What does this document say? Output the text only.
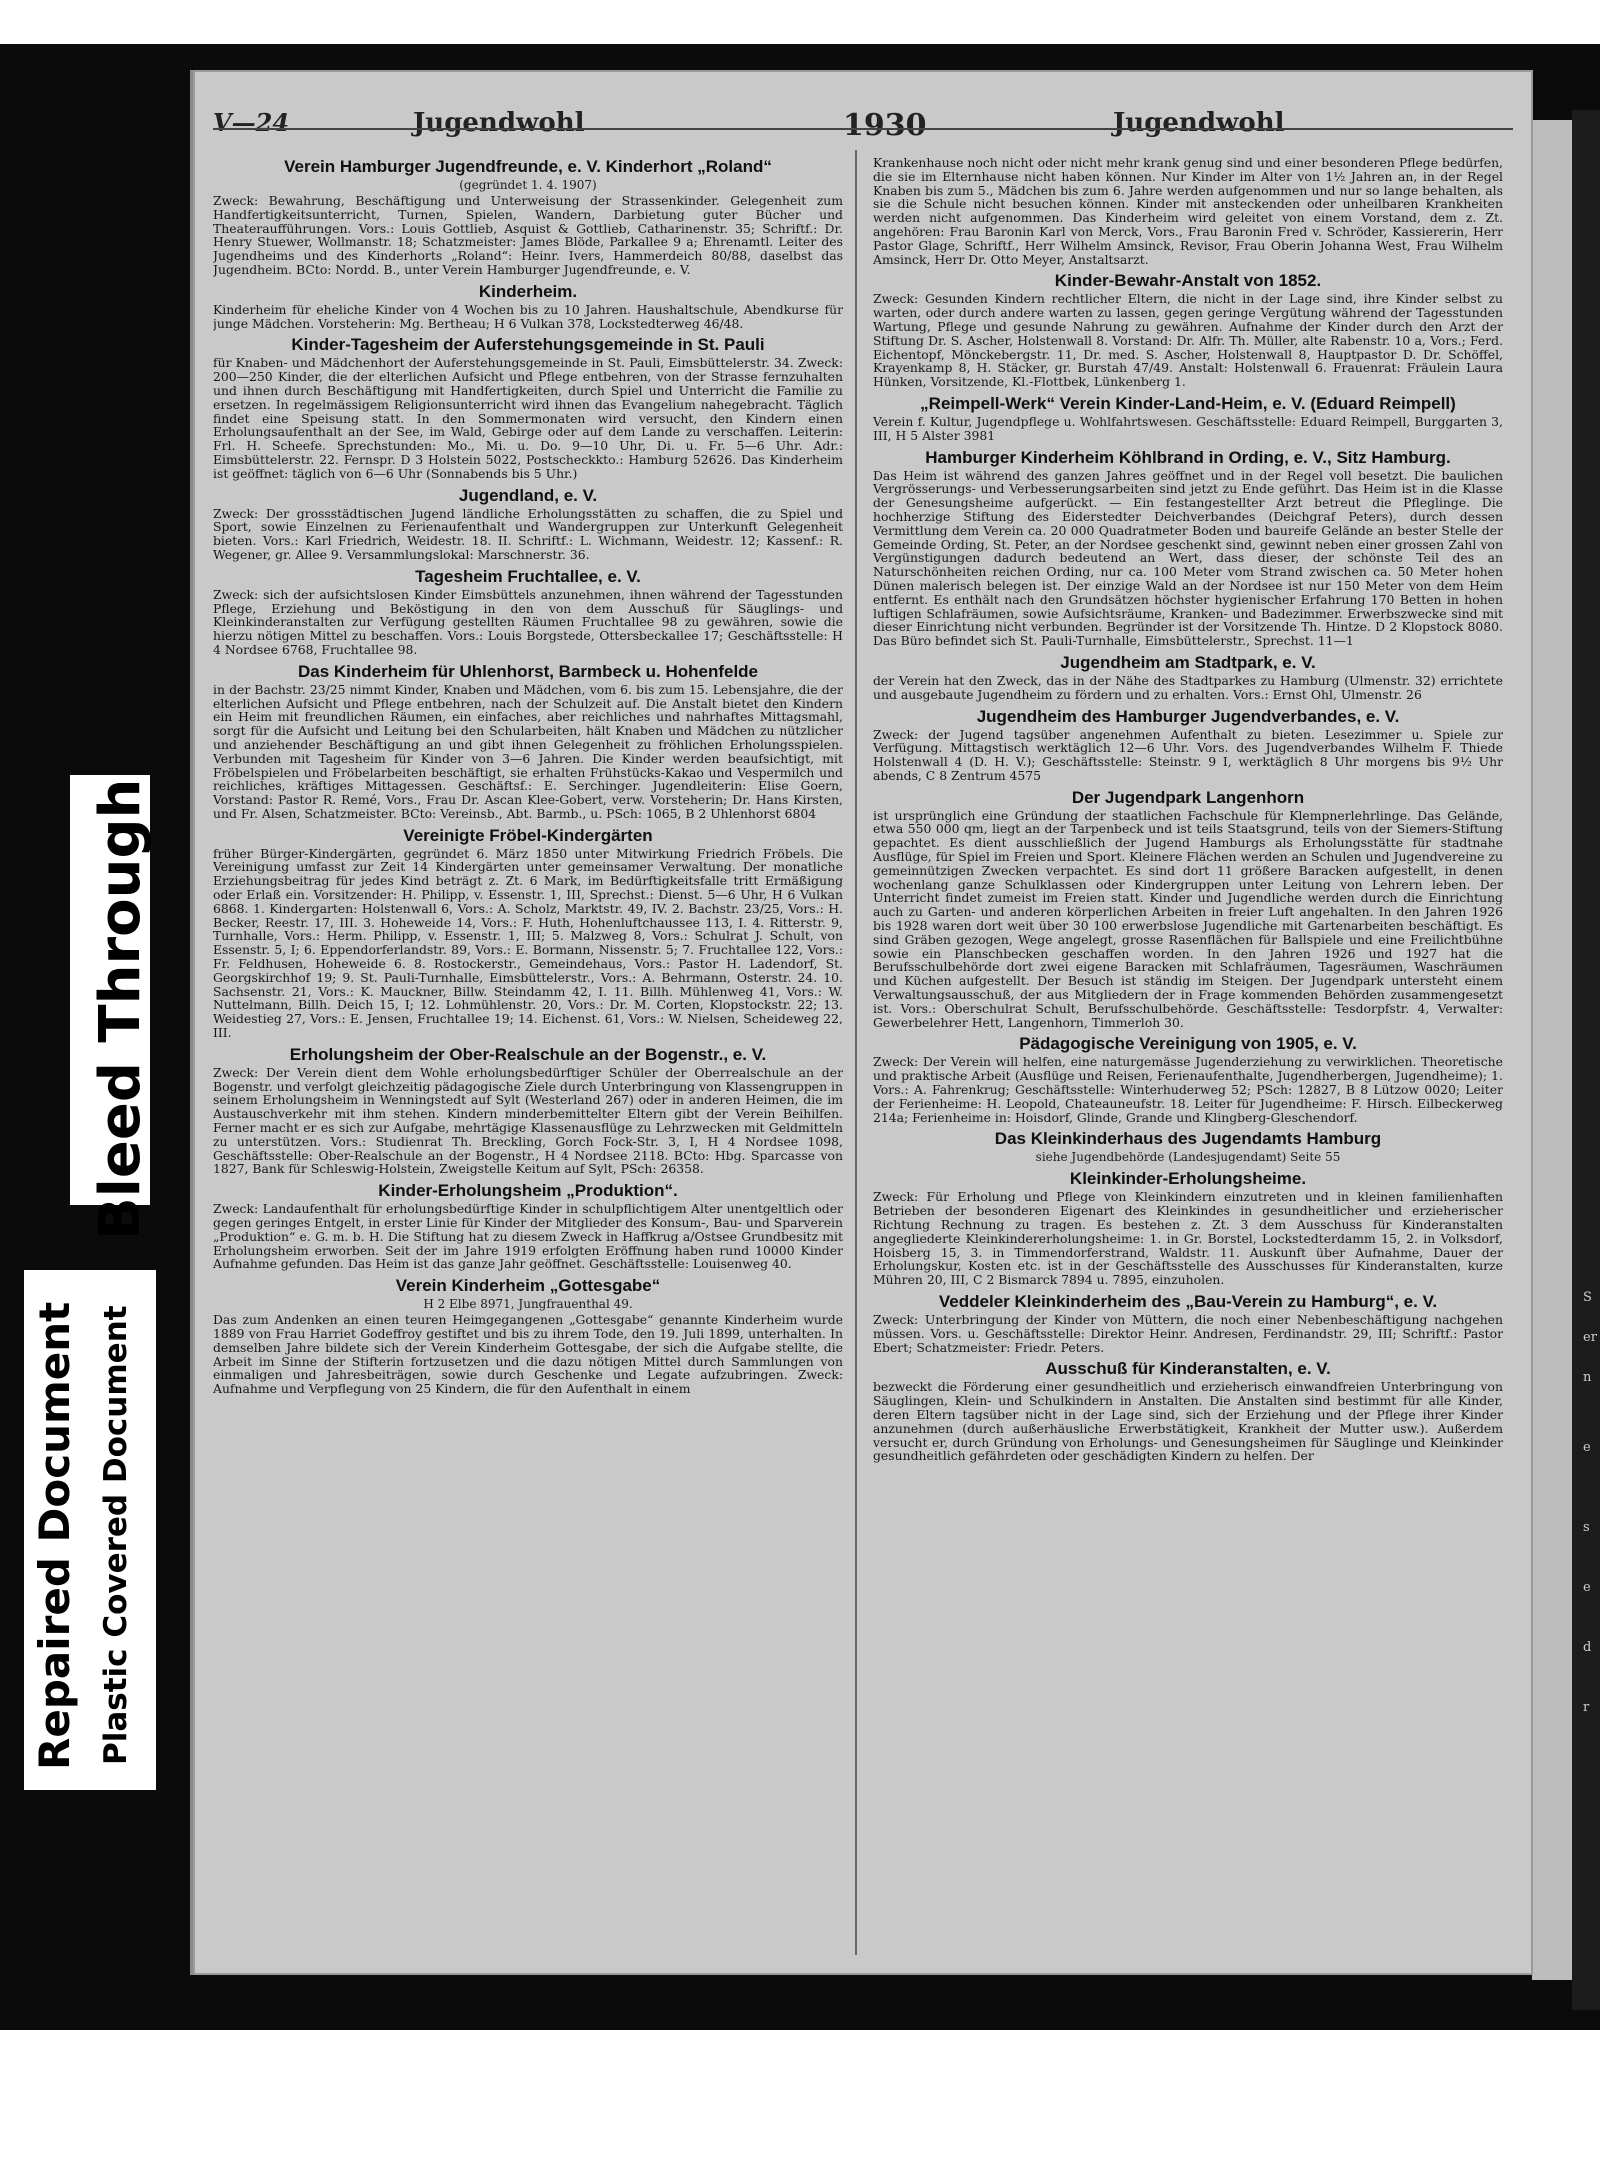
V—24	Jugendwohl	1930	Jugendwohl
Verein Hamburger Jugendfreunde, e. V. Kinderhort „Roland“
(gegründet 1. 4. 1907)

Zweck: Bewahrung, Beschäftigung und Unterweisung der Strassenkinder. Gelegenheit zum Handfertigkeitsunterricht, Turnen, Spielen, Wandern, Darbietung guter Bücher und Theateraufführungen. Vors.: Louis Gottlieb, Asquist & Gottlieb, Catharinenstr. 35; Schriftf.: Dr. Henry Stuewer, Wollmanstr. 18; Schatzmeister: James Blöde, Parkallee 9 a; Ehrenamtl. Leiter des Jugendheims und des Kinderhorts „Roland“: Heinr. Ivers, Hammerdeich 80/88, daselbst das Jugendheim. BCto: Nordd. B., unter Verein Hamburger Jugendfreunde, e. V.

Kinderheim.

Kinderheim für eheliche Kinder von 4 Wochen bis zu 10 Jahren. Haushaltschule, Abendkurse für junge Mädchen. Vorsteherin: Mg. Bertheau; H 6 Vulkan 378, Lockstedterweg 46/48.

Kinder-Tagesheim der Auferstehungsgemeinde in St. Pauli

für Knaben- und Mädchenhort der Auferstehungsgemeinde in St. Pauli, Eimsbüttelerstr. 34. Zweck: 200—250 Kinder, die der elterlichen Aufsicht und Pflege entbehren, von der Strasse fernzuhalten und ihnen durch Beschäftigung mit Handfertigkeiten, durch Spiel und Unterricht die Familie zu ersetzen. In regelmässigem Religionsunterricht wird ihnen das Evangelium nahegebracht. Täglich findet eine Speisung statt. In den Sommermonaten wird versucht, den Kindern einen Erholungsaufenthalt an der See, im Wald, Gebirge oder auf dem Lande zu verschaffen. Leiterin: Frl. H. Scheefe. Sprechstunden: Mo., Mi. u. Do. 9—10 Uhr, Di. u. Fr. 5—6 Uhr. Adr.: Eimsbüttelerstr. 22. Fernspr. D 3 Holstein 5022, Postscheckkto.: Hamburg 52626. Das Kinderheim ist geöffnet: täglich von 6—6 Uhr (Sonnabends bis 5 Uhr.)

Jugendland, e. V.

Zweck: Der grossstädtischen Jugend ländliche Erholungsstätten zu schaffen, die zu Spiel und Sport, sowie Einzelnen zu Ferienaufenthalt und Wandergruppen zur Unterkunft Gelegenheit bieten. Vors.: Karl Friedrich, Weidestr. 18. II. Schriftf.: L. Wichmann, Weidestr. 12; Kassenf.: R. Wegener, gr. Allee 9. Versammlungslokal: Marschnerstr. 36.

Tagesheim Fruchtallee, e. V.

Zweck: sich der aufsichtslosen Kinder Eimsbüttels anzunehmen, ihnen während der Tagesstunden Pflege, Erziehung und Beköstigung in den von dem Ausschuß für Säuglings- und Kleinkinderanstalten zur Verfügung gestellten Räumen Fruchtallee 98 zu gewähren, sowie die hierzu nötigen Mittel zu beschaffen. Vors.: Louis Borgstede, Ottersbeckallee 17; Geschäftsstelle: H 4 Nordsee 6768, Fruchtallee 98.

Das Kinderheim für Uhlenhorst, Barmbeck u. Hohenfelde

in der Bachstr. 23/25 nimmt Kinder, Knaben und Mädchen, vom 6. bis zum 15. Lebensjahre, die der elterlichen Aufsicht und Pflege entbehren, nach der Schulzeit auf. Die Anstalt bietet den Kindern ein Heim mit freundlichen Räumen, ein einfaches, aber reichliches und nahrhaftes Mittagsmahl, sorgt für die Aufsicht und Leitung bei den Schularbeiten, hält Knaben und Mädchen zu nützlicher und anziehender Beschäftigung an und gibt ihnen Gelegenheit zu fröhlichen Erholungsspielen. Verbunden mit Tagesheim für Kinder von 3—6 Jahren. Die Kinder werden beaufsichtigt, mit Fröbelspielen und Fröbelarbeiten beschäftigt, sie erhalten Frühstücks-Kakao und Vespermilch und reichliches, kräftiges Mittagessen. Geschäftsf.: E. Serchinger. Jugendleiterin: Elise Goern, Vorstand: Pastor R. Remé, Vors., Frau Dr. Ascan Klee-Gobert, verw. Vorsteherin; Dr. Hans Kirsten, und Fr. Alsen, Schatzmeister. BCto: Vereinsb., Abt. Barmb., u. PSch: 1065, B 2 Uhlenhorst 6804

Vereinigte Fröbel-Kindergärten

früher Bürger-Kindergärten, gegründet 6. März 1850 unter Mitwirkung Friedrich Fröbels. Die Vereinigung umfasst zur Zeit 14 Kindergärten unter gemeinsamer Verwaltung. Der monatliche Erziehungsbeitrag für jedes Kind beträgt z. Zt. 6 Mark, im Bedürftigkeitsfalle tritt Ermäßigung oder Erlaß ein. Vorsitzender: H. Philipp, v. Essenstr. 1, III, Sprechst.: Dienst. 5—6 Uhr, H 6 Vulkan 6868. 1. Kindergarten: Holstenwall 6, Vors.: A. Scholz, Marktstr. 49, IV. 2. Bachstr. 23/25, Vors.: H. Becker, Reestr. 17, III. 3. Hoheweide 14, Vors.: F. Huth, Hohenluftchaussee 113, I. 4. Ritterstr. 9, Turnhalle, Vors.: Herm. Philipp, v. Essenstr. 1, III; 5. Malzweg 8, Vors.: Schulrat J. Schult, von Essenstr. 5, I; 6. Eppendorferlandstr. 89, Vors.: E. Bormann, Nissenstr. 5; 7. Fruchtallee 122, Vors.: Fr. Feldhusen, Hoheweide 6. 8. Rostockerstr., Gemeindehaus, Vors.: Pastor H. Ladendorf, St. Georgskirchhof 19; 9. St. Pauli-Turnhalle, Eimsbüttelerstr., Vors.: A. Behrmann, Osterstr. 24. 10. Sachsenstr. 21, Vors.: K. Mauckner, Billw. Steindamm 42, I. 11. Billh. Mühlenweg 41, Vors.: W. Nuttelmann, Billh. Deich 15, I; 12. Lohmühlenstr. 20, Vors.: Dr. M. Corten, Klopstockstr. 22; 13. Weidestieg 27, Vors.: E. Jensen, Fruchtallee 19; 14. Eichenst. 61, Vors.: W. Nielsen, Scheideweg 22, III.

Erholungsheim der Ober-Realschule an der Bogenstr., e. V.

Zweck: Der Verein dient dem Wohle erholungsbedürftiger Schüler der Oberrealschule an der Bogenstr. und verfolgt gleichzeitig pädagogische Ziele durch Unterbringung von Klassengruppen in seinem Erholungsheim in Wenningstedt auf Sylt (Westerland 267) oder in anderen Heimen, die im Austauschverkehr mit ihm stehen. Kindern minderbemittelter Eltern gibt der Verein Beihilfen. Ferner macht er es sich zur Aufgabe, mehrtägige Klassenausflüge zu Lehrzwecken mit Geldmitteln zu unterstützen. Vors.: Studienrat Th. Breckling, Gorch Fock-Str. 3, I, H 4 Nordsee 1098, Geschäftsstelle: Ober-Realschule an der Bogenstr., H 4 Nordsee 2118. BCto: Hbg. Sparcasse von 1827, Bank für Schleswig-Holstein, Zweigstelle Keitum auf Sylt, PSch: 26358.

Kinder-Erholungsheim „Produktion“.

Zweck: Landaufenthalt für erholungsbedürftige Kinder in schulpflichtigem Alter unentgeltlich oder gegen geringes Entgelt, in erster Linie für Kinder der Mitglieder des Konsum-, Bau- und Sparverein „Produktion“ e. G. m. b. H. Die Stiftung hat zu diesem Zweck in Haffkrug a/Ostsee Grundbesitz mit Erholungsheim erworben. Seit der im Jahre 1919 erfolgten Eröffnung haben rund 10000 Kinder Aufnahme gefunden. Das Heim ist das ganze Jahr geöffnet. Geschäftsstelle: Louisenweg 40.

Verein Kinderheim „Gottesgabe“
H 2 Elbe 8971, Jungfrauenthal 49.

Das zum Andenken an einen teuren Heimgegangenen „Gottesgabe“ genannte Kinderheim wurde 1889 von Frau Harriet Godeffroy gestiftet und bis zu ihrem Tode, den 19. Juli 1899, unterhalten. In demselben Jahre bildete sich der Verein Kinderheim Gottesgabe, der sich die Aufgabe stellte, die Arbeit im Sinne der Stifterin fortzusetzen und die dazu nötigen Mittel durch Sammlungen von einmaligen und Jahresbeiträgen, sowie durch Geschenke und Legate aufzubringen. Zweck: Aufnahme und Verpflegung von 25 Kindern, die für den Aufenthalt in einem

Krankenhause noch nicht oder nicht mehr krank genug sind und einer besonderen Pflege bedürfen, die sie im Elternhause nicht haben können. Nur Kinder im Alter von 1½ Jahren an, in der Regel Knaben bis zum 5., Mädchen bis zum 6. Jahre werden aufgenommen und nur so lange behalten, als sie die Schule nicht besuchen können. Kinder mit ansteckenden oder unheilbaren Krankheiten werden nicht aufgenommen. Das Kinderheim wird geleitet von einem Vorstand, dem z. Zt. angehören: Frau Baronin Karl von Merck, Vors., Frau Baronin Fred v. Schröder, Kassiererin, Herr Pastor Glage, Schriftf., Herr Wilhelm Amsinck, Revisor, Frau Oberin Johanna West, Frau Wilhelm Amsinck, Herr Dr. Otto Meyer, Anstaltsarzt.

Kinder-Bewahr-Anstalt von 1852.

Zweck: Gesunden Kindern rechtlicher Eltern, die nicht in der Lage sind, ihre Kinder selbst zu warten, oder durch andere warten zu lassen, gegen geringe Vergütung während der Tagesstunden Wartung, Pflege und gesunde Nahrung zu gewähren. Aufnahme der Kinder durch den Arzt der Stiftung Dr. S. Ascher, Holstenwall 8. Vorstand: Dr. Alfr. Th. Müller, alte Rabenstr. 10 a, Vors.; Ferd. Eichentopf, Mönckebergstr. 11, Dr. med. S. Ascher, Holstenwall 8, Hauptpastor D. Dr. Schöffel, Krayenkamp 8, H. Stäcker, gr. Burstah 47/49. Anstalt: Holstenwall 6. Frauenrat: Fräulein Laura Hünken, Vorsitzende, Kl.-Flottbek, Lünkenberg 1.

„Reimpell-Werk“ Verein Kinder-Land-Heim, e. V. (Eduard Reimpell)

Verein f. Kultur, Jugendpflege u. Wohlfahrtswesen. Geschäftsstelle: Eduard Reimpell, Burggarten 3, III, H 5 Alster 3981

Hamburger Kinderheim Köhlbrand in Ording, e. V., Sitz Hamburg.

Das Heim ist während des ganzen Jahres geöffnet und in der Regel voll besetzt. Die baulichen Vergrösserungs- und Verbesserungsarbeiten sind jetzt zu Ende geführt. Das Heim ist in die Klasse der Genesungsheime aufgerückt. — Ein festangestellter Arzt betreut die Pfleglinge. Die hochherzige Stiftung des Eiderstedter Deichverbandes (Deichgraf Peters), durch dessen Vermittlung dem Verein ca. 20 000 Quadratmeter Boden und baureife Gelände an bester Stelle der Gemeinde Ording, St. Peter, an der Nordsee geschenkt sind, gewinnt neben einer grossen Zahl von Vergünstigungen dadurch bedeutend an Wert, dass dieser, der schönste Teil des an Naturschönheiten reichen Ording, nur ca. 100 Meter vom Strand zwischen ca. 50 Meter hohen Dünen malerisch belegen ist. Der einzige Wald an der Nordsee ist nur 150 Meter von dem Heim entfernt. Es enthält nach den Grundsätzen höchster hygienischer Erfahrung 170 Betten in hohen luftigen Schlafräumen, sowie Aufsichtsräume, Kranken- und Badezimmer. Erwerbszwecke sind mit dieser Einrichtung nicht verbunden. Begründer ist der Vorsitzende Th. Hintze. D 2 Klopstock 8080. Das Büro befindet sich St. Pauli-Turnhalle, Eimsbüttelerstr., Sprechst. 11—1

Jugendheim am Stadtpark, e. V.

der Verein hat den Zweck, das in der Nähe des Stadtparkes zu Hamburg (Ulmenstr. 32) errichtete und ausgebaute Jugendheim zu fördern und zu erhalten. Vors.: Ernst Ohl, Ulmenstr. 26

Jugendheim des Hamburger Jugendverbandes, e. V.

Zweck: der Jugend tagsüber angenehmen Aufenthalt zu bieten. Lesezimmer u. Spiele zur Verfügung. Mittagstisch werktäglich 12—6 Uhr. Vors. des Jugendverbandes Wilhelm F. Thiede Holstenwall 4 (D. H. V.); Geschäftsstelle: Steinstr. 9 I, werktäglich 8 Uhr morgens bis 9½ Uhr abends, C 8 Zentrum 4575

Der Jugendpark Langenhorn

ist ursprünglich eine Gründung der staatlichen Fachschule für Klempnerlehrlinge. Das Gelände, etwa 550 000 qm, liegt an der Tarpenbeck und ist teils Staatsgrund, teils von der Siemers-Stiftung gepachtet. Es dient ausschließlich der Jugend Hamburgs als Erholungsstätte für stadtnahe Ausflüge, für Spiel im Freien und Sport. Kleinere Flächen werden an Schulen und Jugendvereine zu gemeinnützigen Zwecken verpachtet. Es sind dort 11 größere Baracken aufgestellt, in denen wochenlang ganze Schulklassen oder Kindergruppen unter Leitung von Lehrern leben. Der Unterricht findet zumeist im Freien statt. Kinder und Jugendliche werden durch die Einrichtung auch zu Garten- und anderen körperlichen Arbeiten in freier Luft angehalten. In den Jahren 1926 bis 1928 waren dort weit über 30 100 erwerbslose Jugendliche mit Gartenarbeiten beschäftigt. Es sind Gräben gezogen, Wege angelegt, grosse Rasenflächen für Ballspiele und eine Freilichtbühne sowie ein Planschbecken geschaffen worden. In den Jahren 1926 und 1927 hat die Berufsschulbehörde dort zwei eigene Baracken mit Schlafräumen, Tagesräumen, Waschräumen und Küchen aufgestellt. Der Besuch ist ständig im Steigen. Der Jugendpark untersteht einem Verwaltungsausschuß, der aus Mitgliedern der in Frage kommenden Behörden zusammengesetzt ist. Vors.: Oberschulrat Schult, Berufsschulbehörde. Geschäftsstelle: Tesdorpfstr. 4, Verwalter: Gewerbelehrer Hett, Langenhorn, Timmerloh 30.

Pädagogische Vereinigung von 1905, e. V.

Zweck: Der Verein will helfen, eine naturgemässe Jugenderziehung zu verwirklichen. Theoretische und praktische Arbeit (Ausflüge und Reisen, Ferienaufenthalte, Jugendherbergen, Jugendheime); 1. Vors.: A. Fahrenkrug; Geschäftsstelle: Winterhuderweg 52; PSch: 12827, B 8 Lützow 0020; Leiter der Ferienheime: H. Leopold, Chateauneufstr. 18. Leiter für Jugendheime: F. Hirsch. Eilbeckerweg 214a; Ferienheime in: Hoisdorf, Glinde, Grande und Klingberg-Gleschendorf.

Das Kleinkinderhaus des Jugendamts Hamburg
siehe Jugendbehörde (Landesjugendamt) Seite 55
Kleinkinder-Erholungsheime.

Zweck: Für Erholung und Pflege von Kleinkindern einzutreten und in kleinen familienhaften Betrieben der besonderen Eigenart des Kleinkindes in gesundheitlicher und erzieherischer Richtung Rechnung zu tragen. Es bestehen z. Zt. 3 dem Ausschuss für Kinderanstalten angegliederte Kleinkindererholungsheime: 1. in Gr. Borstel, Lockstedterdamm 15, 2. in Volksdorf, Hoisberg 15, 3. in Timmendorferstrand, Waldstr. 11. Auskunft über Aufnahme, Dauer der Erholungskur, Kosten etc. ist in der Geschäftsstelle des Ausschusses für Kinderanstalten, kurze Mühren 20, III, C 2 Bismarck 7894 u. 7895, einzuholen.

Veddeler Kleinkinderheim des „Bau-Verein zu Hamburg“, e. V.

Zweck: Unterbringung der Kinder von Müttern, die noch einer Nebenbeschäftigung nachgehen müssen. Vors. u. Geschäftsstelle: Direktor Heinr. Andresen, Ferdinandstr. 29, III; Schriftf.: Pastor Ebert; Schatzmeister: Friedr. Peters.

Ausschuß für Kinderanstalten, e. V.

bezweckt die Förderung einer gesundheitlich und erzieherisch einwandfreien Unterbringung von Säuglingen, Klein- und Schulkindern in Anstalten. Die Anstalten sind bestimmt für alle Kinder, deren Eltern tagsüber nicht in der Lage sind, sich der Erziehung und der Pflege ihrer Kinder anzunehmen (durch außerhäusliche Erwerbstätigkeit, Krankheit der Mutter usw.). Außerdem versucht er, durch Gründung von Erholungs- und Genesungsheimen für Säuglinge und Kleinkinder gesundheitlich gefährdeten oder geschädigten Kindern zu helfen. Der

Bleed Through
Repaired Document Plastic Covered Document
S
er
n
e
s
e
d
r
